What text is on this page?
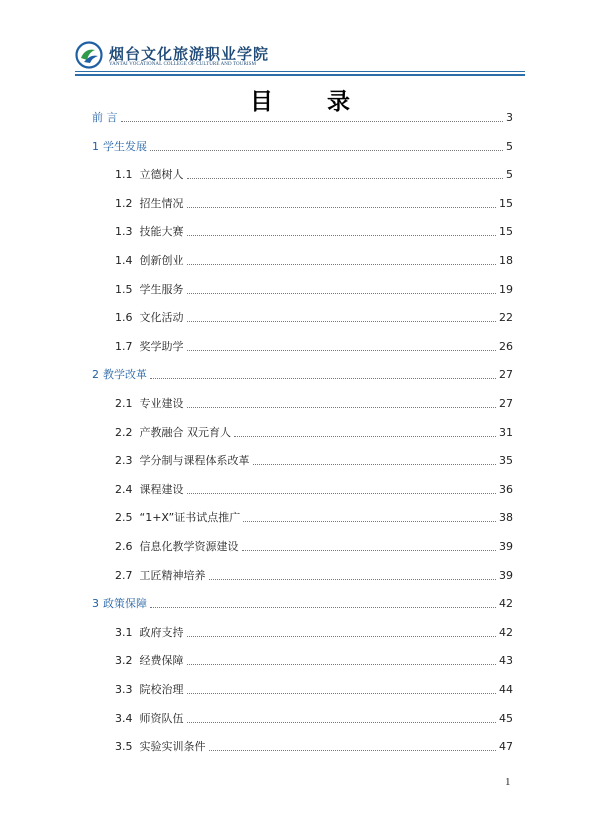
烟台文化旅游职业学院
YANTAI VOCATIONAL COLLEGE OF CULTURE AND TOURISM
目 录
前 言	3
1 学生发展	5
1.1 立德树人	5
1.2 招生情况	15
1.3 技能大赛	15
1.4 创新创业	18
1.5 学生服务	19
1.6 文化活动	22
1.7 奖学助学	26
2 教学改革	27
2.1 专业建设	27
2.2 产教融合 双元育人	31
2.3 学分制与课程体系改革	35
2.4 课程建设	36
2.5 “1+X”证书试点推广	38
2.6 信息化教学资源建设	39
2.7 工匠精神培养	39
3 政策保障	42
3.1 政府支持	42
3.2 经费保障	43
3.3 院校治理	44
3.4 师资队伍	45
3.5 实验实训条件	47
1
